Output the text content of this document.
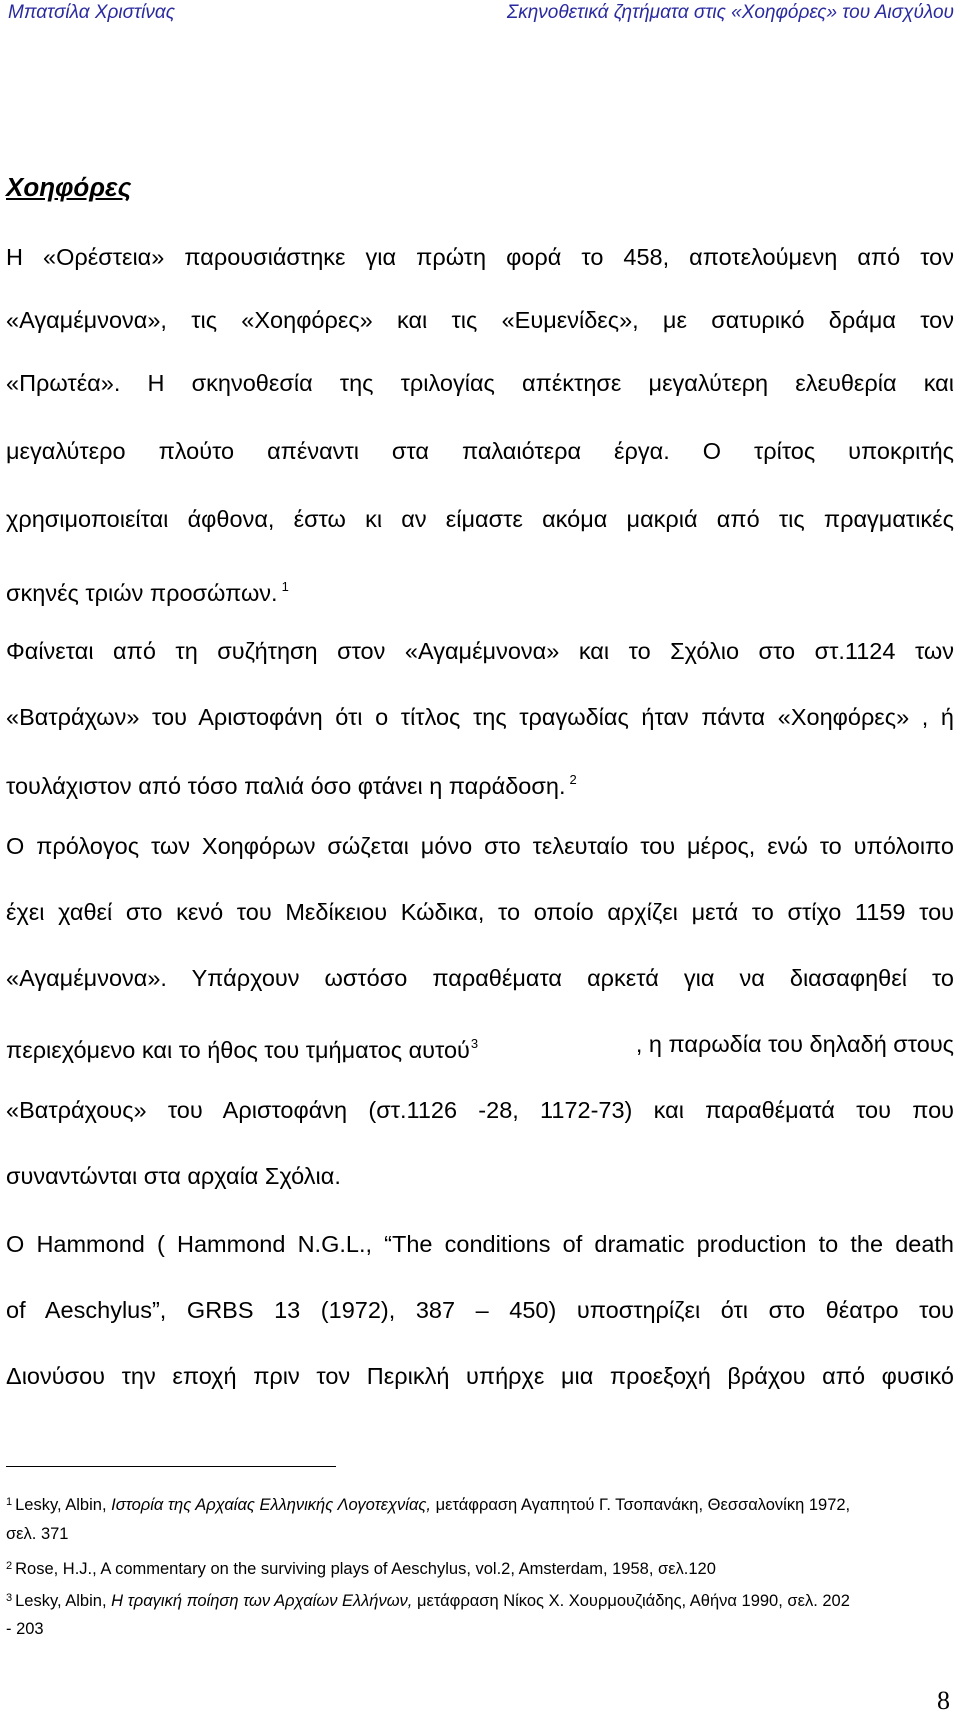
Μπατσίλα Χριστίνας	Σκηνοθετικά ζητήματα στις «Χοηφόρες» του Αισχύλου
Χοηφόρες
Η «Ορέστεια» παρουσιάστηκε για πρώτη φορά το 458, αποτελούμενη από τον
«Αγαμέμνονα», τις «Χοηφόρες» και τις «Ευμενίδες», με σατυρικό δράμα τον
«Πρωτέα». Η σκηνοθεσία της τριλογίας απέκτησε μεγαλύτερη ελευθερία και
μεγαλύτερο πλούτο απέναντι στα παλαιότερα έργα. Ο τρίτος υποκριτής
χρησιμοποιείται άφθονα, έστω κι αν είμαστε ακόμα μακριά από τις πραγματικές
σκηνές τριών προσώπων. $^1$
Φαίνεται από τη συζήτηση στον «Αγαμέμνονα» και το Σχόλιο στο στ.1124 των
«Βατράχων» του Αριστοφάνη ότι ο τίτλος της τραγωδίας ήταν πάντα «Χοηφόρες» , ή
τουλάχιστον από τόσο παλιά όσο φτάνει η παράδοση. $^2$
Ο πρόλογος των Χοηφόρων σώζεται μόνο στο τελευταίο του μέρος, ενώ το υπόλοιπο
έχει χαθεί στο κενό του Μεδίκειου Κώδικα, το οποίο αρχίζει μετά το στίχο 1159 του
«Αγαμέμνονα». Υπάρχουν ωστόσο παραθέματα αρκετά για να διασαφηθεί το
περιεχόμενο και το ήθος του τμήματος αυτού$^3$	, η παρωδία του δηλαδή στους
«Βατράχους» του Αριστοφάνη (στ.1126 -28, 1172-73) και παραθέματά του που
συναντώνται στα αρχαία Σχόλια.
Ο Hammond ( Hammond N.G.L., “The conditions of dramatic production to the death
of Aeschylus”, GRBS 13 (1972), 387 – 450) υποστηρίζει ότι στο θέατρο του
Διονύσου την εποχή πριν τον Περικλή υπήρχε μια προεξοχή βράχου από φυσικό
$^1$ Lesky, Albin, Ιστορία της Αρχαίας Ελληνικής Λογοτεχνίας, μετάφραση Αγαπητού Γ. Τσοπανάκη, Θεσσαλονίκη 1972,
σελ. 371
$^2$ Rose, H.J., A commentary on the surviving plays of Aeschylus, vol.2, Amsterdam, 1958, σελ.120
$^3$ Lesky, Albin, Η τραγική ποίηση των Αρχαίων Ελλήνων, μετάφραση Νίκος Χ. Χουρμουζιάδης, Αθήνα 1990, σελ. 202
- 203
8
